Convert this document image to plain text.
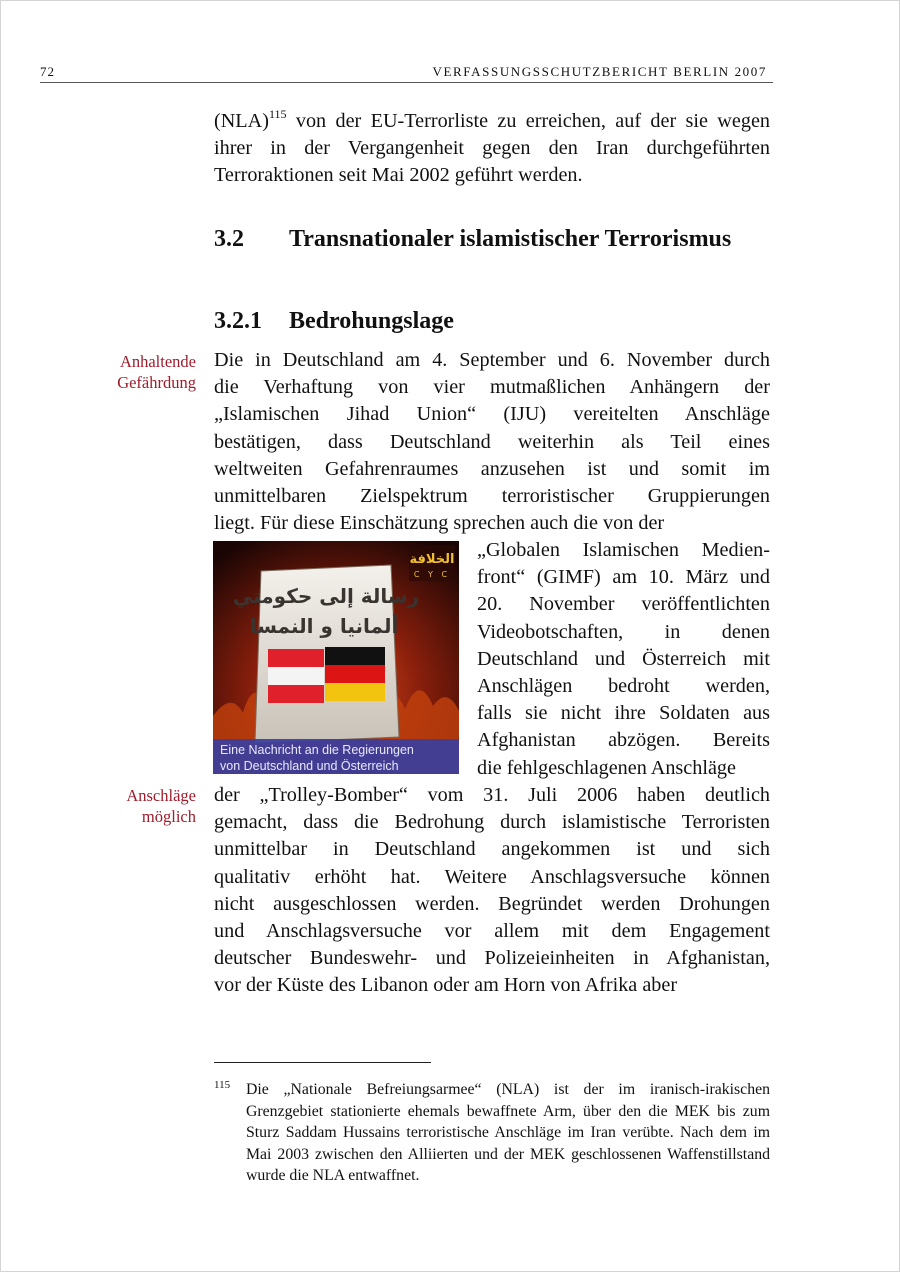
72	VERFASSUNGSSCHUTZBERICHT BERLIN 2007

(NLA)$^{115}$ von der EU-Terrorliste zu erreichen, auf der sie wegen ihrer in der Vergangenheit gegen den Iran durchgeführten Terroraktionen seit Mai 2002 geführt werden.

3.2 Transnationaler islamistischer Terrorismus
3.2.1 Bedrohungslage
Anhaltende Gefährdung
Anschläge möglich

Die in Deutschland am 4. September und 6. November durch

die Verhaftung von vier mutmaßlichen Anhängern der

„Islamischen Jihad Union“ (IJU) vereitelten Anschläge

bestätigen, dass Deutschland weiterhin als Teil eines

weltweiten Gefahrenraumes anzusehen ist und somit im

unmittelbaren Zielspektrum terroristischer Gruppierungen

liegt. Für diese Einschätzung sprechen auch die von der

الخلافة
C Y C
رسالة إلى حكومتي
ألمانيا و النمسا
Eine Nachricht an die Regierungen
von Deutschland und Österreich

„Globalen Islamischen Medien-

front“ (GIMF) am 10. März und

20. November veröffentlichten

Videobotschaften, in denen

Deutschland und Österreich mit

Anschlägen bedroht werden,

falls sie nicht ihre Soldaten aus

Afghanistan abzögen. Bereits

die fehlgeschlagenen Anschläge

der „Trolley-Bomber“ vom 31. Juli 2006 haben deutlich

gemacht, dass die Bedrohung durch islamistische Terroristen

unmittelbar in Deutschland angekommen ist und sich

qualitativ erhöht hat. Weitere Anschlagsversuche können

nicht ausgeschlossen werden. Begründet werden Drohungen

und Anschlagsversuche vor allem mit dem Engagement

deutscher Bundeswehr- und Polizeieinheiten in Afghanistan,

vor der Küste des Libanon oder am Horn von Afrika aber

115 Die „Nationale Befreiungsarmee“ (NLA) ist der im iranisch-irakischen Grenzgebiet stationierte ehemals bewaffnete Arm, über den die MEK bis zum Sturz Saddam Hussains terroristische Anschläge im Iran verübte. Nach dem im Mai 2003 zwischen den Alliierten und der MEK geschlossenen Waffenstillstand wurde die NLA entwaffnet.
